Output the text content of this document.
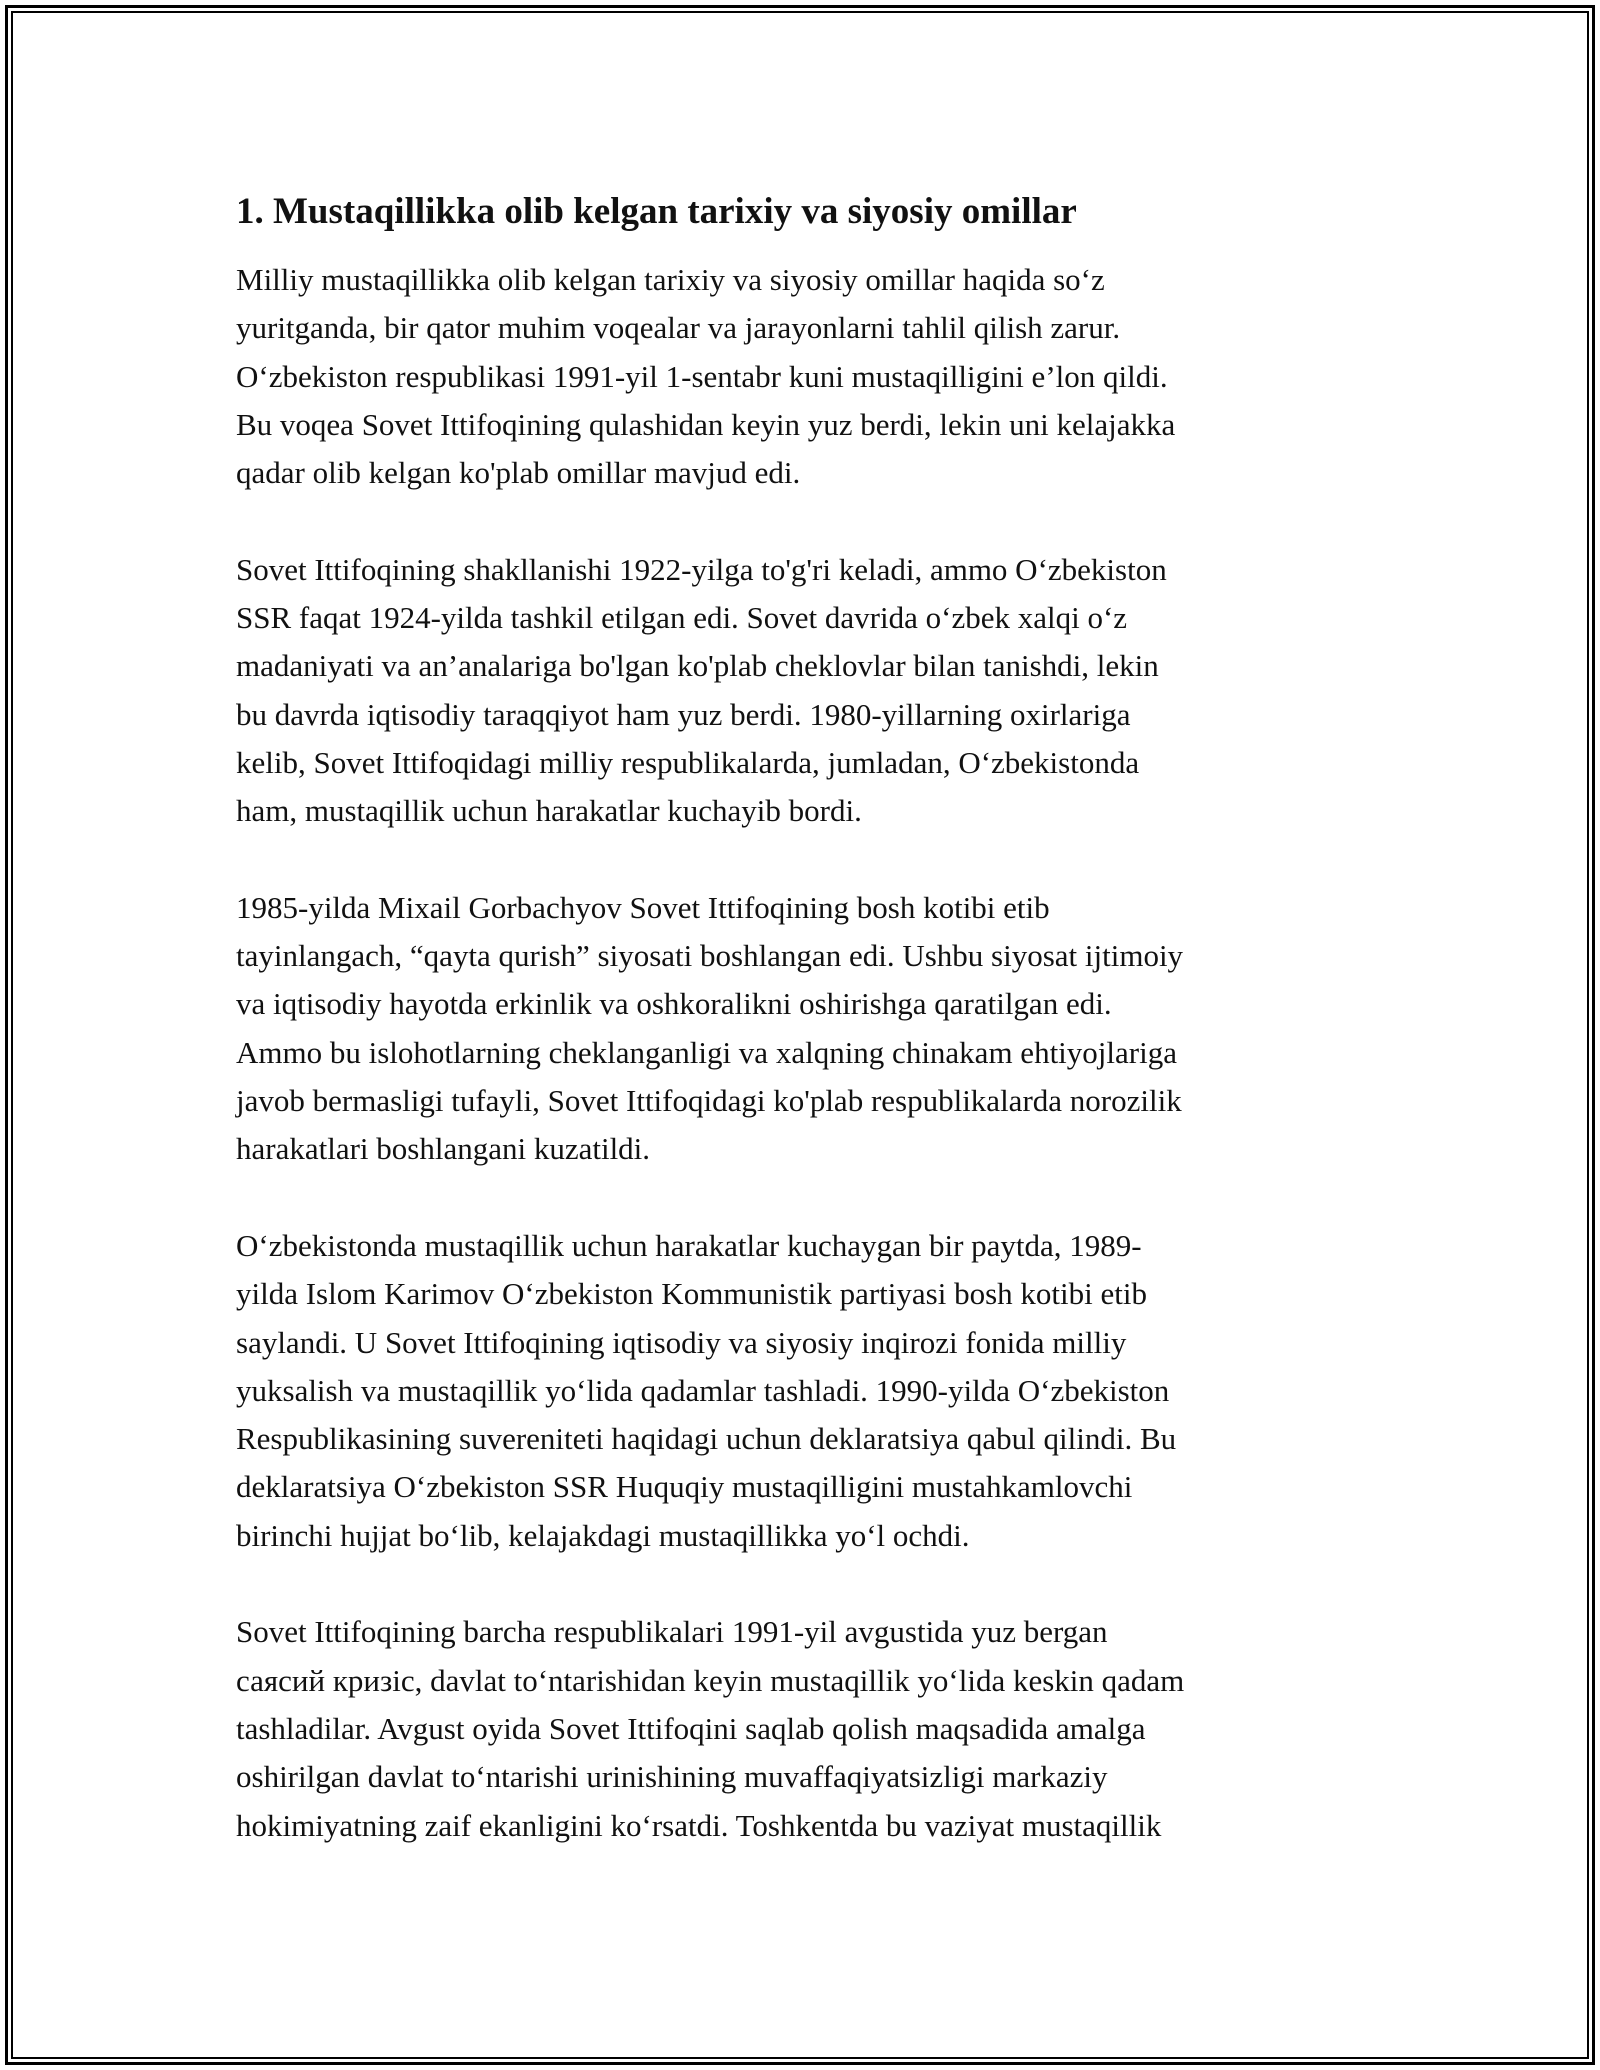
1. Mustaqillikka olib kelgan tarixiy va siyosiy omillar
Milliy mustaqillikka olib kelgan tarixiy va siyosiy omillar haqida so‘z
yuritganda, bir qator muhim voqealar va jarayonlarni tahlil qilish zarur.
O‘zbekiston respublikasi 1991-yil 1-sentabr kuni mustaqilligini e’lon qildi.
Bu voqea Sovet Ittifoqining qulashidan keyin yuz berdi, lekin uni kelajakka
qadar olib kelgan ko'plab omillar mavjud edi.
Sovet Ittifoqining shakllanishi 1922-yilga to'g'ri keladi, ammo O‘zbekiston
SSR faqat 1924-yilda tashkil etilgan edi. Sovet davrida o‘zbek xalqi o‘z
madaniyati va an’analariga bo'lgan ko'plab cheklovlar bilan tanishdi, lekin
bu davrda iqtisodiy taraqqiyot ham yuz berdi. 1980-yillarning oxirlariga
kelib, Sovet Ittifoqidagi milliy respublikalarda, jumladan, O‘zbekistonda
ham, mustaqillik uchun harakatlar kuchayib bordi.
1985-yilda Mixail Gorbachyov Sovet Ittifoqining bosh kotibi etib
tayinlangach, “qayta qurish” siyosati boshlangan edi. Ushbu siyosat ijtimoiy
va iqtisodiy hayotda erkinlik va oshkoralikni oshirishga qaratilgan edi.
Ammo bu islohotlarning cheklanganligi va xalqning chinakam ehtiyojlariga
javob bermasligi tufayli, Sovet Ittifoqidagi ko'plab respublikalarda norozilik
harakatlari boshlangani kuzatildi.
O‘zbekistonda mustaqillik uchun harakatlar kuchaygan bir paytda, 1989-
yilda Islom Karimov O‘zbekiston Kommunistik partiyasi bosh kotibi etib
saylandi. U Sovet Ittifoqining iqtisodiy va siyosiy inqirozi fonida milliy
yuksalish va mustaqillik yo‘lida qadamlar tashladi. 1990-yilda O‘zbekiston
Respublikasining suvereniteti haqidagi uchun deklaratsiya qabul qilindi. Bu
deklaratsiya O‘zbekiston SSR Huquqiy mustaqilligini mustahkamlovchi
birinchi hujjat bo‘lib, kelajakdagi mustaqillikka yo‘l ochdi.
Sovet Ittifoqining barcha respublikalari 1991-yil avgustida yuz bergan
саясий кризіс, davlat to‘ntarishidan keyin mustaqillik yo‘lida keskin qadam
tashladilar. Avgust oyida Sovet Ittifoqini saqlab qolish maqsadida amalga
oshirilgan davlat to‘ntarishi urinishining muvaffaqiyatsizligi markaziy
hokimiyatning zaif ekanligini ko‘rsatdi. Toshkentda bu vaziyat mustaqillik
